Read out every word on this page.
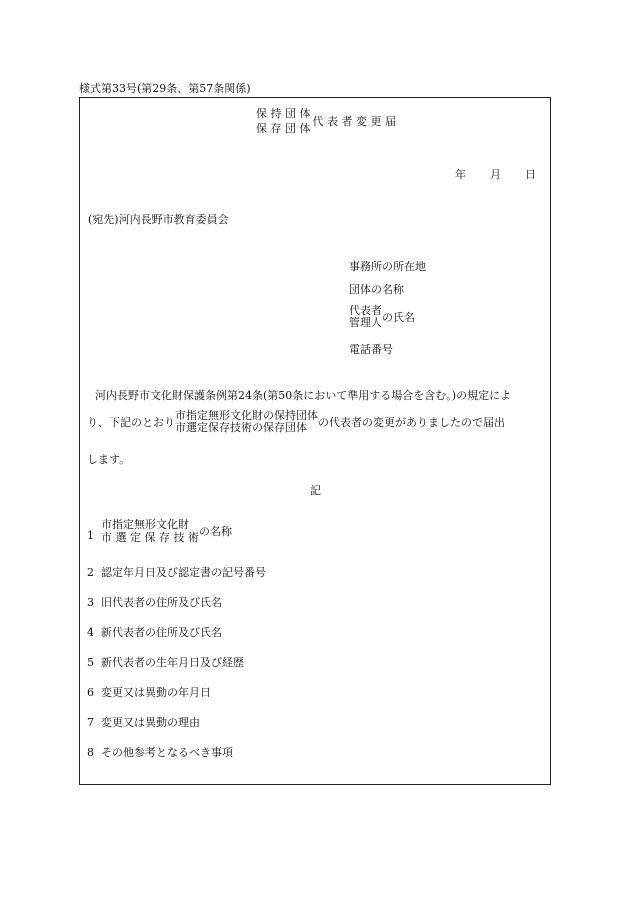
様式第33号(第29条、第57条関係)
保 持 団 体
保 存 団 体
代 表 者 変 更 届
年 月 日
(宛先)河内長野市教育委員会
事務所の所在地
団体の名称
代表者
管理人 の氏名
電話番号
河内長野市文化財保護条例第24条(第50条において準用する場合を含む。)の規定によ
り、下記のとおり 市指定無形文化財の保持団体
市選定保存技術の保存団体	の代表者の変更がありましたので届出
します。
記
1
市指定無形文化財
市 選 定 保 存 技 術 の名称
2 認定年月日及び認定書の記号番号
3 旧代表者の住所及び氏名
4 新代表者の住所及び氏名
5 新代表者の生年月日及び経歴
6 変更又は異動の年月日
7 変更又は異動の理由
8 その他参考となるべき事項
